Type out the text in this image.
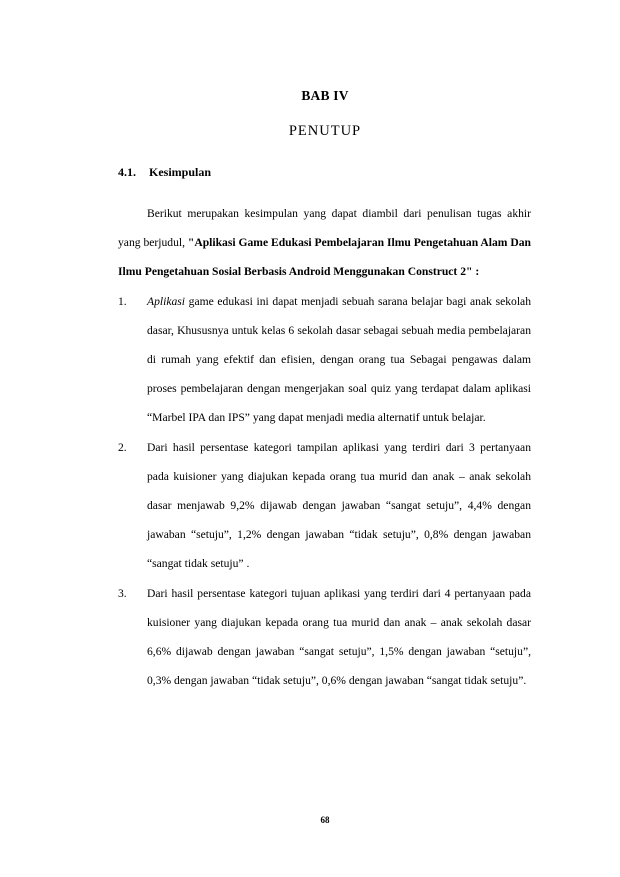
BAB IV
PENUTUP
4.1. Kesimpulan

Berikut merupakan kesimpulan yang dapat diambil dari penulisan tugas akhir yang berjudul, "Aplikasi Game Edukasi Pembelajaran Ilmu Pengetahuan Alam Dan Ilmu Pengetahuan Sosial Berbasis Android Menggunakan Construct 2" :

1. Aplikasi game edukasi ini dapat menjadi sebuah sarana belajar bagi anak sekolah dasar, Khususnya untuk kelas 6 sekolah dasar sebagai sebuah media pembelajaran di rumah yang efektif dan efisien, dengan orang tua Sebagai pengawas dalam proses pembelajaran dengan mengerjakan soal quiz yang terdapat dalam aplikasi “Marbel IPA dan IPS” yang dapat menjadi media alternatif untuk belajar.
2. Dari hasil persentase kategori tampilan aplikasi yang terdiri dari 3 pertanyaan pada kuisioner yang diajukan kepada orang tua murid dan anak – anak sekolah dasar menjawab 9,2% dijawab dengan jawaban “sangat setuju”, 4,4% dengan jawaban “setuju”, 1,2% dengan jawaban “tidak setuju”, 0,8% dengan jawaban “sangat tidak setuju” .
3. Dari hasil persentase kategori tujuan aplikasi yang terdiri dari 4 pertanyaan pada kuisioner yang diajukan kepada orang tua murid dan anak – anak sekolah dasar 6,6% dijawab dengan jawaban “sangat setuju”, 1,5% dengan jawaban “setuju”, 0,3% dengan jawaban “tidak setuju”, 0,6% dengan jawaban “sangat tidak setuju”.
68
